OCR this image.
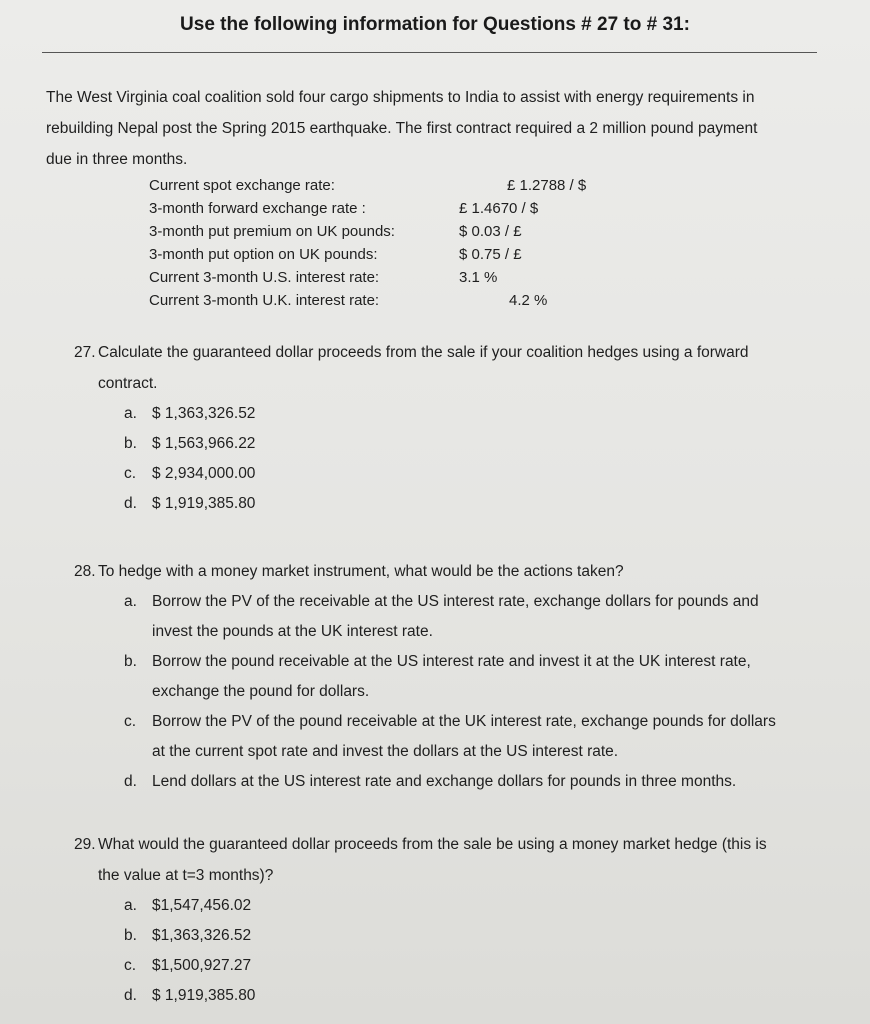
Use the following information for Questions # 27 to # 31:

The West Virginia coal coalition sold four cargo shipments to India to assist with energy requirements in

rebuilding Nepal post the Spring 2015 earthquake. The first contract required a 2 million pound payment

due in three months.

Current spot exchange rate:	£ 1.2788 / $
3-month forward exchange rate :	£ 1.4670 / $
3-month put premium on UK pounds:	$ 0.03 / £
3-month put option on UK pounds:	$ 0.75 / £
Current 3-month U.S. interest rate:	3.1 %
Current 3-month U.K. interest rate:	4.2 %

27. Calculate the guaranteed dollar proceeds from the sale if your coalition hedges using a forward

contract.

a. $ 1,363,326.52
b. $ 1,563,966.22
c.	$ 2,934,000.00
d. $ 1,919,385.80

28. To hedge with a money market instrument, what would be the actions taken?

a. Borrow the PV of the receivable at the US interest rate, exchange dollars for pounds and
invest the pounds at the UK interest rate.
b. Borrow the pound receivable at the US interest rate and invest it at the UK interest rate,
exchange the pound for dollars.
c.	Borrow the PV of the pound receivable at the UK interest rate, exchange pounds for dollars
at the current spot rate and invest the dollars at the US interest rate.
d. Lend dollars at the US interest rate and exchange dollars for pounds in three months.

29. What would the guaranteed dollar proceeds from the sale be using a money market hedge (this is

the value at t=3 months)?

a. $1,547,456.02
b. $1,363,326.52
c.	$1,500,927.27
d. $ 1,919,385.80
